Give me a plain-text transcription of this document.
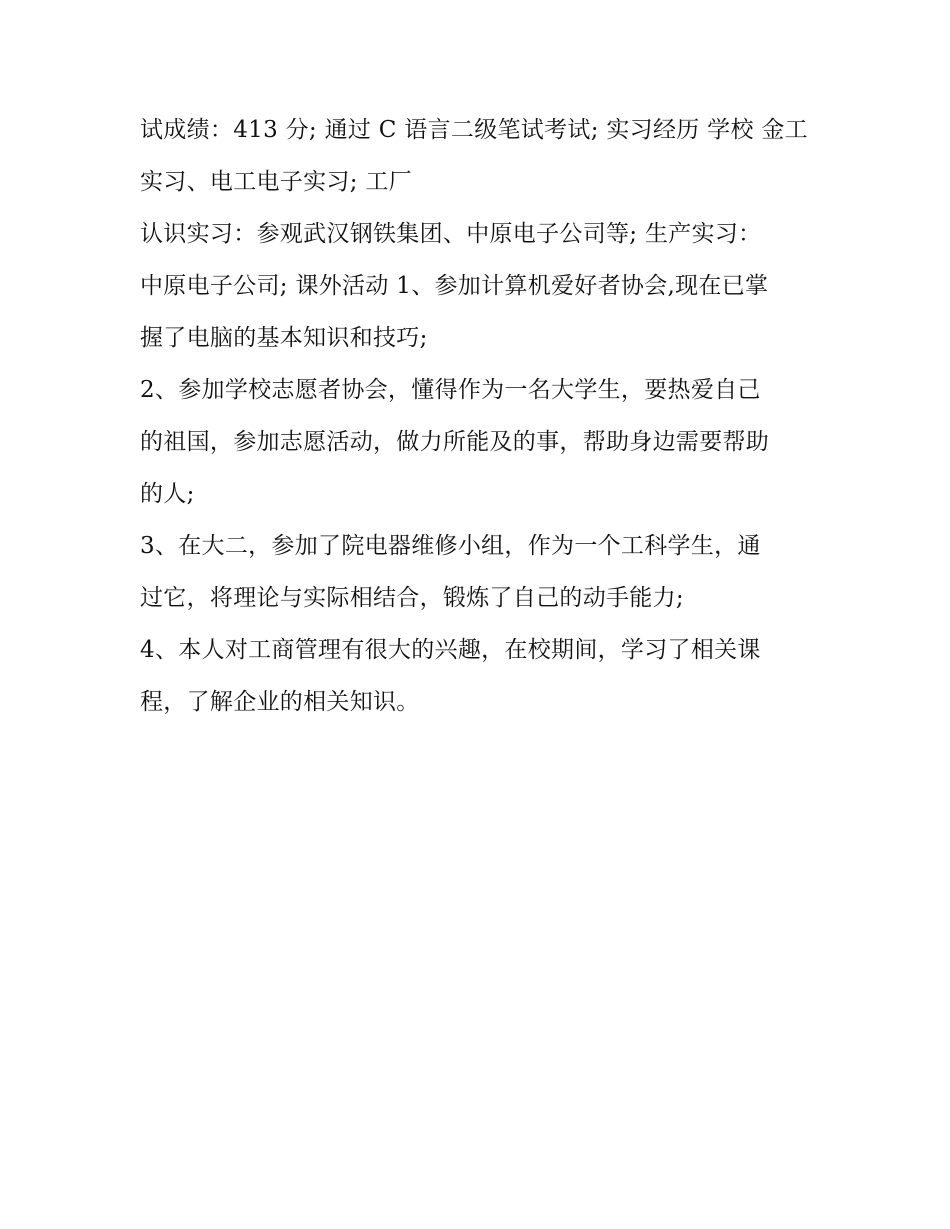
试成绩：413 分; 通过 C 语言二级笔试考试; 实习经历 学校 金工
实习、电工电子实习; 工厂
认识实习：参观武汉钢铁集团、中原电子公司等; 生产实习：
中原电子公司; 课外活动 1、参加计算机爱好者协会,现在已掌
握了电脑的基本知识和技巧;
2、参加学校志愿者协会，懂得作为一名大学生，要热爱自己
的祖国，参加志愿活动，做力所能及的事，帮助身边需要帮助
的人;
3、在大二，参加了院电器维修小组，作为一个工科学生，通
过它，将理论与实际相结合，锻炼了自己的动手能力;
4、本人对工商管理有很大的兴趣，在校期间，学习了相关课
程，了解企业的相关知识。
